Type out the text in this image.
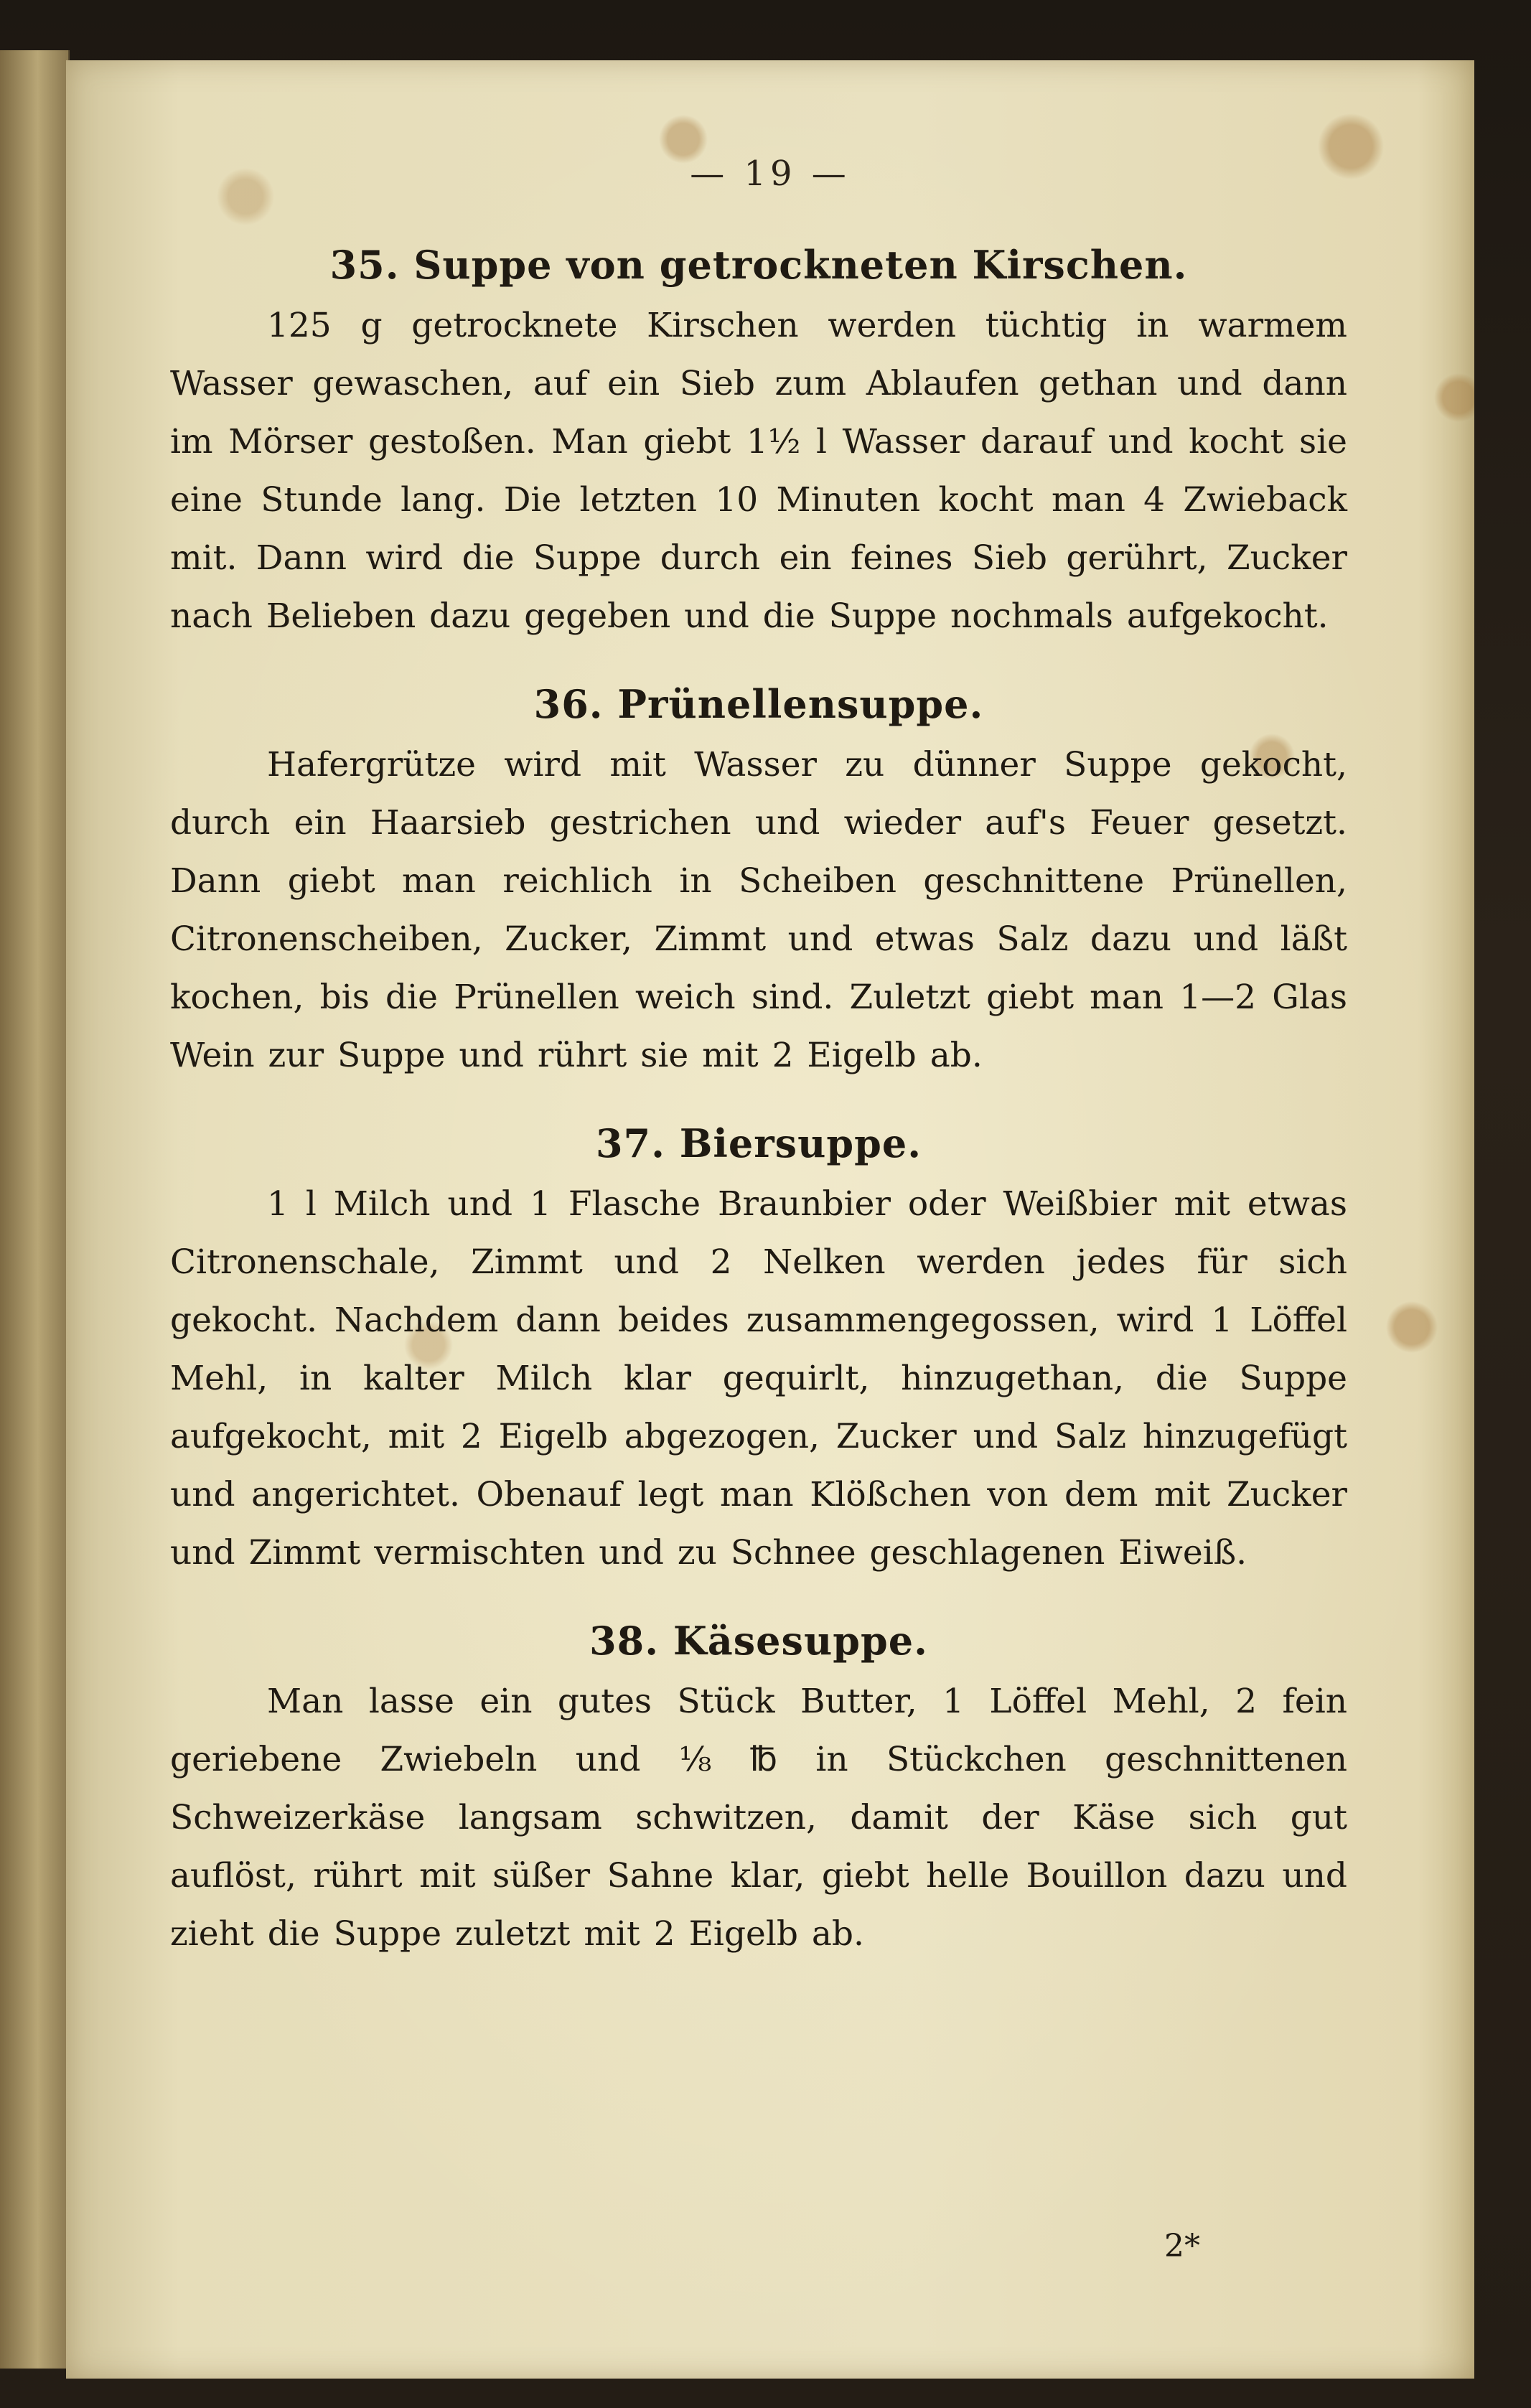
— 19 —
35. Suppe von getrockneten Kirschen.

125 g getrocknete Kirschen werden tüchtig in warmem Wasser gewaschen, auf ein Sieb zum Ablaufen gethan und dann im Mörser gestoßen. Man giebt 1½ l Wasser darauf und kocht sie eine Stunde lang. Die letzten 10 Minuten kocht man 4 Zwieback mit. Dann wird die Suppe durch ein feines Sieb gerührt, Zucker nach Belieben dazu gegeben und die Suppe nochmals aufgekocht.

36. Prünellensuppe.

Hafergrütze wird mit Wasser zu dünner Suppe gekocht, durch ein Haarsieb gestrichen und wieder auf's Feuer gesetzt. Dann giebt man reichlich in Scheiben geschnittene Prünellen, Citronenscheiben, Zucker, Zimmt und etwas Salz dazu und läßt kochen, bis die Prünellen weich sind. Zuletzt giebt man 1—2 Glas Wein zur Suppe und rührt sie mit 2 Eigelb ab.

37. Biersuppe.

1 l Milch und 1 Flasche Braunbier oder Weißbier mit etwas Citronenschale, Zimmt und 2 Nelken werden jedes für sich gekocht. Nachdem dann beides zusammengegossen, wird 1 Löffel Mehl, in kalter Milch klar gequirlt, hinzugethan, die Suppe aufgekocht, mit 2 Eigelb abgezogen, Zucker und Salz hinzugefügt und angerichtet. Obenauf legt man Klößchen von dem mit Zucker und Zimmt vermischten und zu Schnee geschlagenen Eiweiß.

38. Käsesuppe.

Man lasse ein gutes Stück Butter, 1 Löffel Mehl, 2 fein geriebene Zwiebeln und ⅛ ℔ in Stückchen geschnittenen Schweizerkäse langsam schwitzen, damit der Käse sich gut auflöst, rührt mit süßer Sahne klar, giebt helle Bouillon dazu und zieht die Suppe zuletzt mit 2 Eigelb ab.

2*
